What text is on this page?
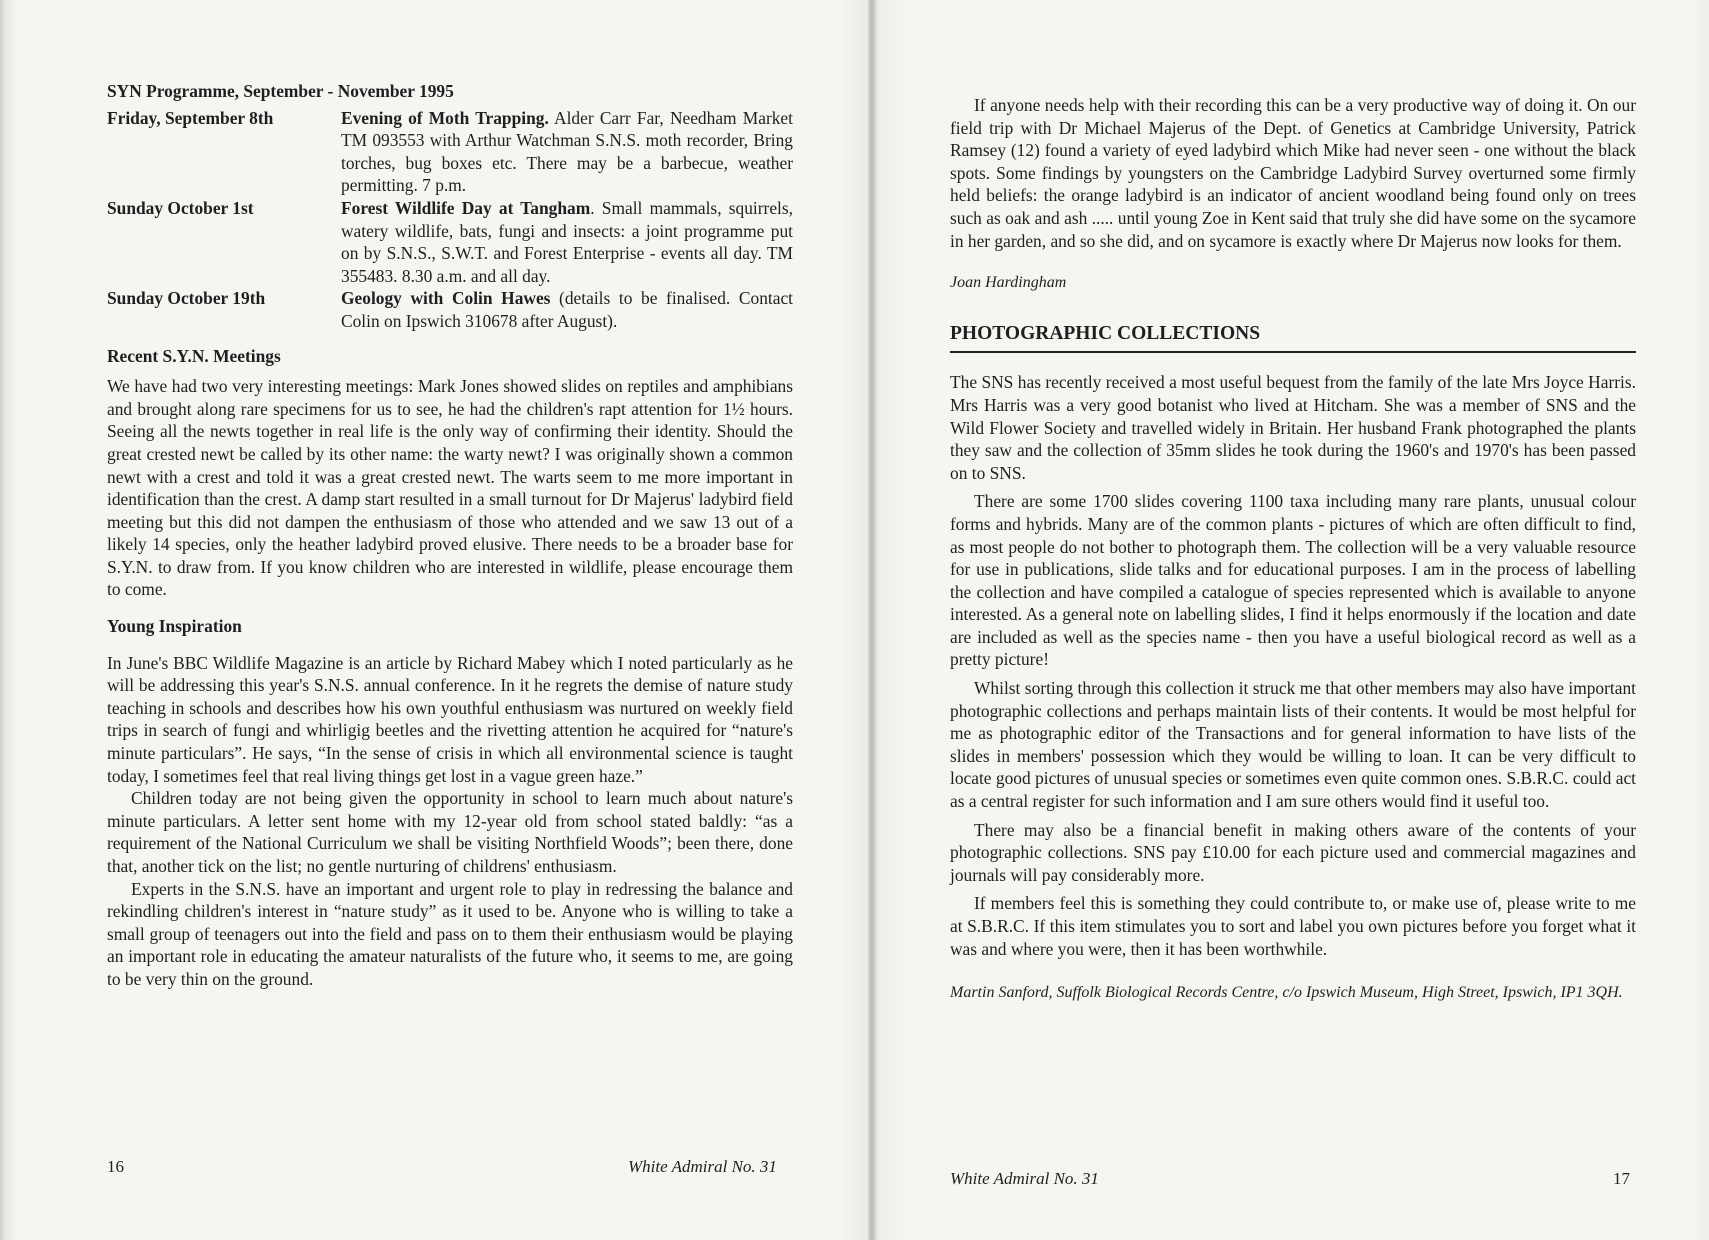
SYN Programme, September - November 1995
Friday, September 8th	Evening of Moth Trapping. Alder Carr Far, Needham Market TM 093553 with Arthur Watchman S.N.S. moth recorder, Bring torches, bug boxes etc. There may be a barbecue, weather permitting. 7 p.m.
Sunday October 1st	Forest Wildlife Day at Tangham. Small mammals, squirrels, watery wildlife, bats, fungi and insects: a joint programme put on by S.N.S., S.W.T. and Forest Enterprise - events all day. TM 355483. 8.30 a.m. and all day.
Sunday October 19th	Geology with Colin Hawes (details to be finalised. Contact Colin on Ipswich 310678 after August).
Recent S.Y.N. Meetings

We have had two very interesting meetings: Mark Jones showed slides on reptiles and amphibians and brought along rare specimens for us to see, he had the children's rapt attention for 1½ hours. Seeing all the newts together in real life is the only way of confirming their identity. Should the great crested newt be called by its other name: the warty newt? I was originally shown a common newt with a crest and told it was a great crested newt. The warts seem to me more important in identification than the crest. A damp start resulted in a small turnout for Dr Majerus' ladybird field meeting but this did not dampen the enthusiasm of those who attended and we saw 13 out of a likely 14 species, only the heather ladybird proved elusive. There needs to be a broader base for S.Y.N. to draw from. If you know children who are interested in wildlife, please encourage them to come.

Young Inspiration

In June's BBC Wildlife Magazine is an article by Richard Mabey which I noted particularly as he will be addressing this year's S.N.S. annual conference. In it he regrets the demise of nature study teaching in schools and describes how his own youthful enthusiasm was nurtured on weekly field trips in search of fungi and whirligig beetles and the rivetting attention he acquired for “nature's minute particulars”. He says, “In the sense of crisis in which all environmental science is taught today, I sometimes feel that real living things get lost in a vague green haze.”

Children today are not being given the opportunity in school to learn much about nature's minute particulars. A letter sent home with my 12-year old from school stated baldly: “as a requirement of the National Curriculum we shall be visiting Northfield Woods”; been there, done that, another tick on the list; no gentle nurturing of childrens' enthusiasm.

Experts in the S.N.S. have an important and urgent role to play in redressing the balance and rekindling children's interest in “nature study” as it used to be. Anyone who is willing to take a small group of teenagers out into the field and pass on to them their enthusiasm would be playing an important role in educating the amateur naturalists of the future who, it seems to me, are going to be very thin on the ground.

16	White Admiral No. 31

If anyone needs help with their recording this can be a very productive way of doing it. On our field trip with Dr Michael Majerus of the Dept. of Genetics at Cambridge University, Patrick Ramsey (12) found a variety of eyed ladybird which Mike had never seen - one without the black spots. Some findings by youngsters on the Cambridge Ladybird Survey overturned some firmly held beliefs: the orange ladybird is an indicator of ancient woodland being found only on trees such as oak and ash ..... until young Zoe in Kent said that truly she did have some on the sycamore in her garden, and so she did, and on sycamore is exactly where Dr Majerus now looks for them.

Joan Hardingham
PHOTOGRAPHIC COLLECTIONS

The SNS has recently received a most useful bequest from the family of the late Mrs Joyce Harris. Mrs Harris was a very good botanist who lived at Hitcham. She was a member of SNS and the Wild Flower Society and travelled widely in Britain. Her husband Frank photographed the plants they saw and the collection of 35mm slides he took during the 1960's and 1970's has been passed on to SNS.

There are some 1700 slides covering 1100 taxa including many rare plants, unusual colour forms and hybrids. Many are of the common plants - pictures of which are often difficult to find, as most people do not bother to photograph them. The collection will be a very valuable resource for use in publications, slide talks and for educational purposes. I am in the process of labelling the collection and have compiled a catalogue of species represented which is available to anyone interested. As a general note on labelling slides, I find it helps enormously if the location and date are included as well as the species name - then you have a useful biological record as well as a pretty picture!

Whilst sorting through this collection it struck me that other members may also have important photographic collections and perhaps maintain lists of their contents. It would be most helpful for me as photographic editor of the Transactions and for general information to have lists of the slides in members' possession which they would be willing to loan. It can be very difficult to locate good pictures of unusual species or sometimes even quite common ones. S.B.R.C. could act as a central register for such information and I am sure others would find it useful too.

There may also be a financial benefit in making others aware of the contents of your photographic collections. SNS pay £10.00 for each picture used and commercial magazines and journals will pay considerably more.

If members feel this is something they could contribute to, or make use of, please write to me at S.B.R.C. If this item stimulates you to sort and label you own pictures before you forget what it was and where you were, then it has been worthwhile.

Martin Sanford, Suffolk Biological Records Centre, c/o Ipswich Museum, High Street, Ipswich, IP1 3QH.
White Admiral No. 31	17
